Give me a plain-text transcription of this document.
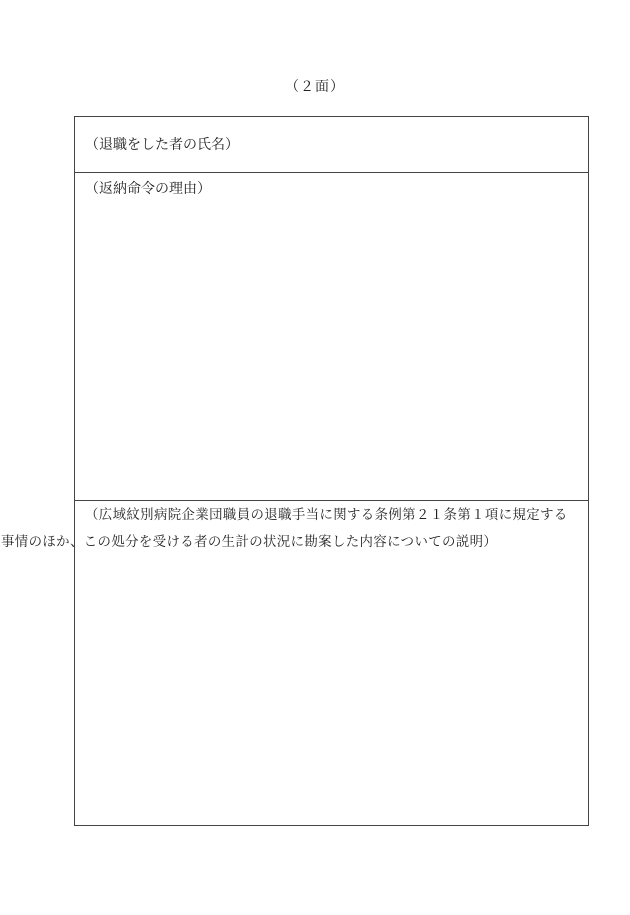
（２面）
（退職をした者の氏名）
（返納命令の理由）
（広域紋別病院企業団職員の退職手当に関する条例第２１条第１項に規定する
事情のほか、この処分を受ける者の生計の状況に勘案した内容についての説明）
